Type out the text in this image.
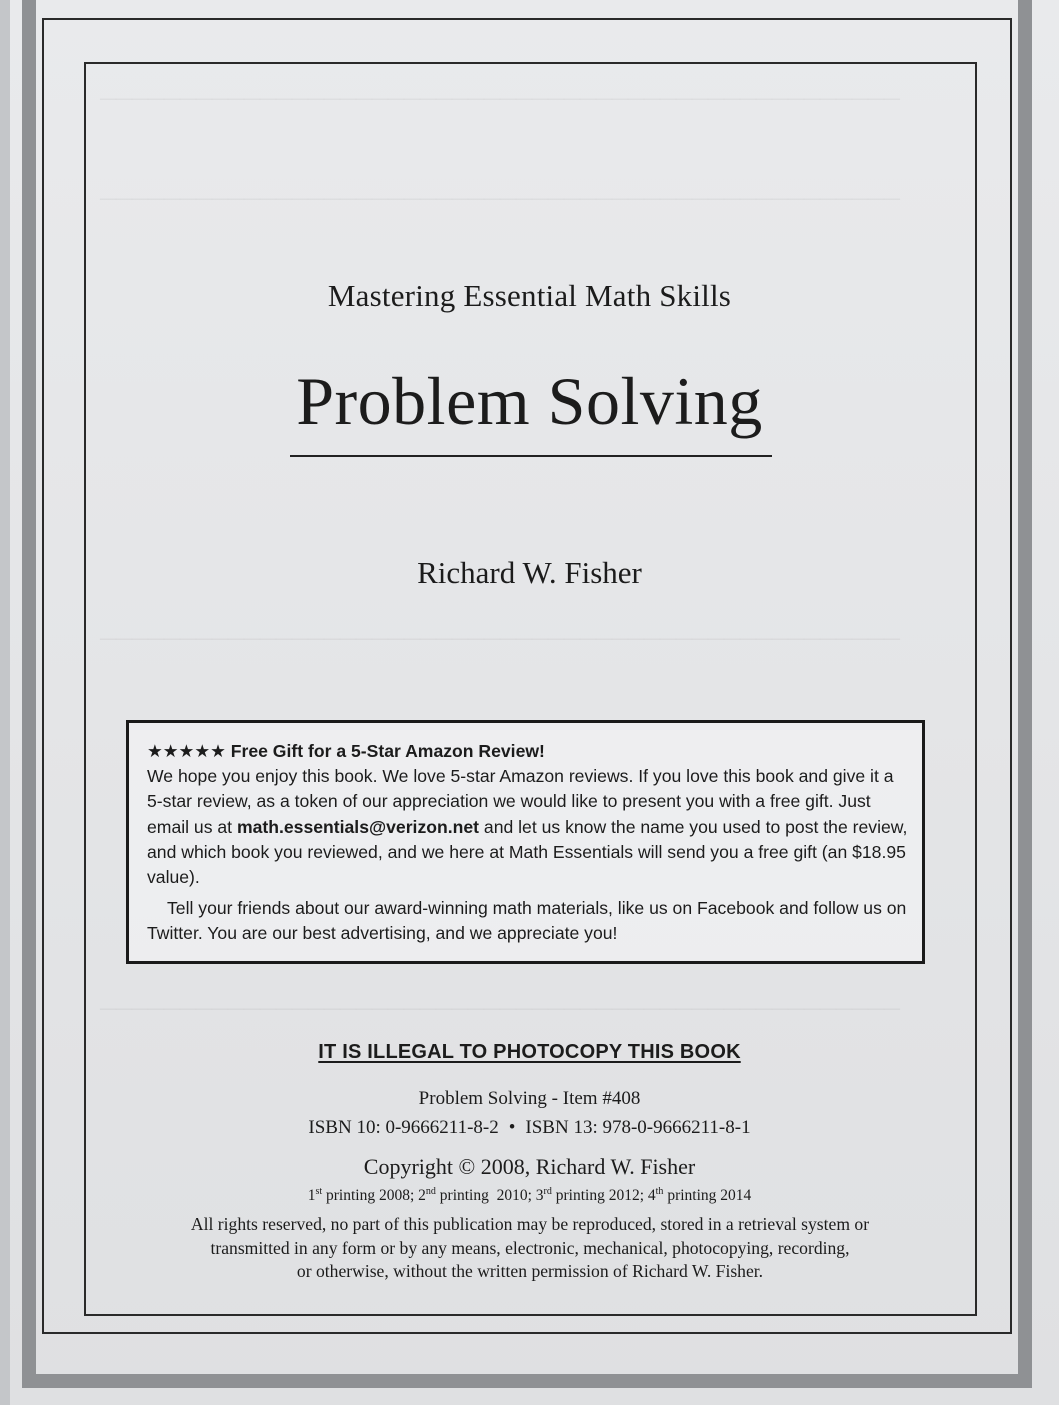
——————————————————————————————————————————————————
——————————————————————————————————————————————————
——————————————————————————————————————————————————
——————————————————————————————————————————————————
Mastering Essential Math Skills
Problem Solving
Richard W. Fisher
★★★★★ Free Gift for a 5-Star Amazon Review!
We hope you enjoy this book. We love 5-star Amazon reviews. If you love this book and give it a 5-star review, as a token of our appreciation we would like to present you with a free gift. Just email us at math.essentials@verizon.net and let us know the name you used to post the review, and which book you reviewed, and we here at Math Essentials will send you a free gift (an $18.95 value).
Tell your friends about our award-winning math materials, like us on Facebook and follow us on Twitter. You are our best advertising, and we appreciate you!
IT IS ILLEGAL TO PHOTOCOPY THIS BOOK
Problem Solving - Item #408
ISBN 10: 0-9666211-8-2 • ISBN 13: 978-0-9666211-8-1
Copyright © 2008, Richard W. Fisher
1st printing 2008; 2nd printing  2010; 3rd printing 2012; 4th printing 2014
All rights reserved, no part of this publication may be reproduced, stored in a retrieval system or
transmitted in any form or by any means, electronic, mechanical, photocopying, recording,
or otherwise, without the written permission of Richard W. Fisher.
